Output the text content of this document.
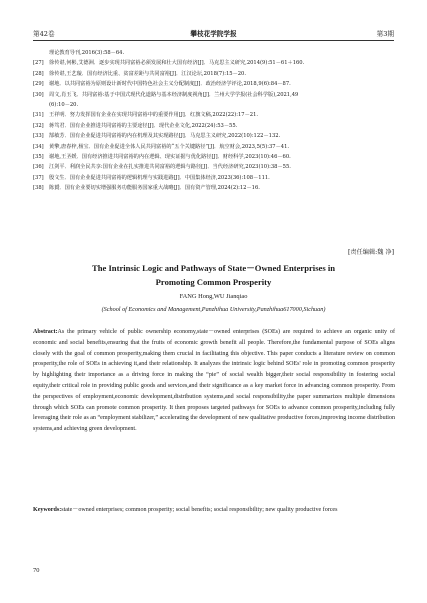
第42卷	攀枝花学院学报	第3期
理论教育导刊,2016(3):58－64.
[27] 徐传谌,何彬,艾德洲．逐步实现共同富裕必须发展和壮大国有经济[J]．马克思主义研究,2014(9):51－61＋160.
[28] 徐传谌,王艺璇．国有经济比重、贫富差距与共同富裕[J]．江汉论坛,2018(7):15－20.
[29] 谢地．以共同富裕为原则设计新时代中国特色社会主义分配制度[J]．政治经济学评论,2018,9(6):84－87.
[30] 周文,肖玉飞．共同富裕:基于中国式现代化道路与基本经济制度视角[J]．兰州大学学报(社会科学版),2021,49
(6):10－20.
[31] 王祥明．努力发挥国有企业在实现共同富裕中的重要作用[J]．红旗文稿,2022(22):17－21.
[32] 蒋笃君．国有企业推进共同富裕的主要途径[J]．现代企业文化,2022(24):53－55.
[33] 郜敏芳．国有企业促进共同富裕的内在机理及其实现路径[J]．马克思主义研究,2022(10):122－132.
[34] 黄擎,唐春梓,杨宝．国有企业促进全体人民共同富裕的“五个关键路径”[J]．航空财会,2023,5(5):37－41.
[35] 谢地,王圣媛．国有经济推进共同富裕的内在逻辑、现实证据与优化路径[J]．财经科学,2023(10):46－60.
[36] 江剑平．利润全民共享:国有企业在扎实推进共同富裕的逻辑与路径[J]．当代经济研究,2023(10):38－55.
[37] 殷文生．国有企业促进共同富裕的逻辑机理与实践进路[J]．中国集体经济,2023(36):108－111.
[38] 陈贇．国有企业要切实增强服务功能服务国家重大战略[J]．国有资产管理,2024(2):12－16.
[责任编辑:魏 净]
The Intrinsic Logic and Pathways of State－Owned Enterprises in
Promoting Common Prosperity
FANG Hong,WU Jianqiao
(School of Economics and Management,Panzhihua University,Panzhihua617000,Sichuan)

Abstract:As the primary vehicle of public ownership economy,state－owned enterprises (SOEs) are required to achieve an organic unity of economic and social benefits,ensuring that the fruits of economic growth benefit all people. Therefore,the fundamental purpose of SOEs aligns closely with the goal of common prosperity,making them crucial in facilitating this objective. This paper conducts a literature review on common prosperity,the role of SOEs in achieving it,and their relationship. It analyzes the intrinsic logic behind SOEs' role in promoting common prosperity by highlighting their importance as a driving force in making the “pie” of social wealth bigger,their social responsibility in fostering social equity,their critical role in providing public goods and services,and their significance as a key market force in advancing common prosperity. From the perspectives of employment,economic development,distribution systems,and social responsibility,the paper summarizes multiple dimensions through which SOEs can promote common prosperity. It then proposes targeted pathways for SOEs to advance common prosperity,including fully leveraging their role as an “employment stabilizer,” accelerating the development of new qualitative productive forces,improving income distribution systems,and achieving green development.

Keywords:state－owned enterprises; common prosperity; social benefits; social responsibility; new quality productive forces

70
